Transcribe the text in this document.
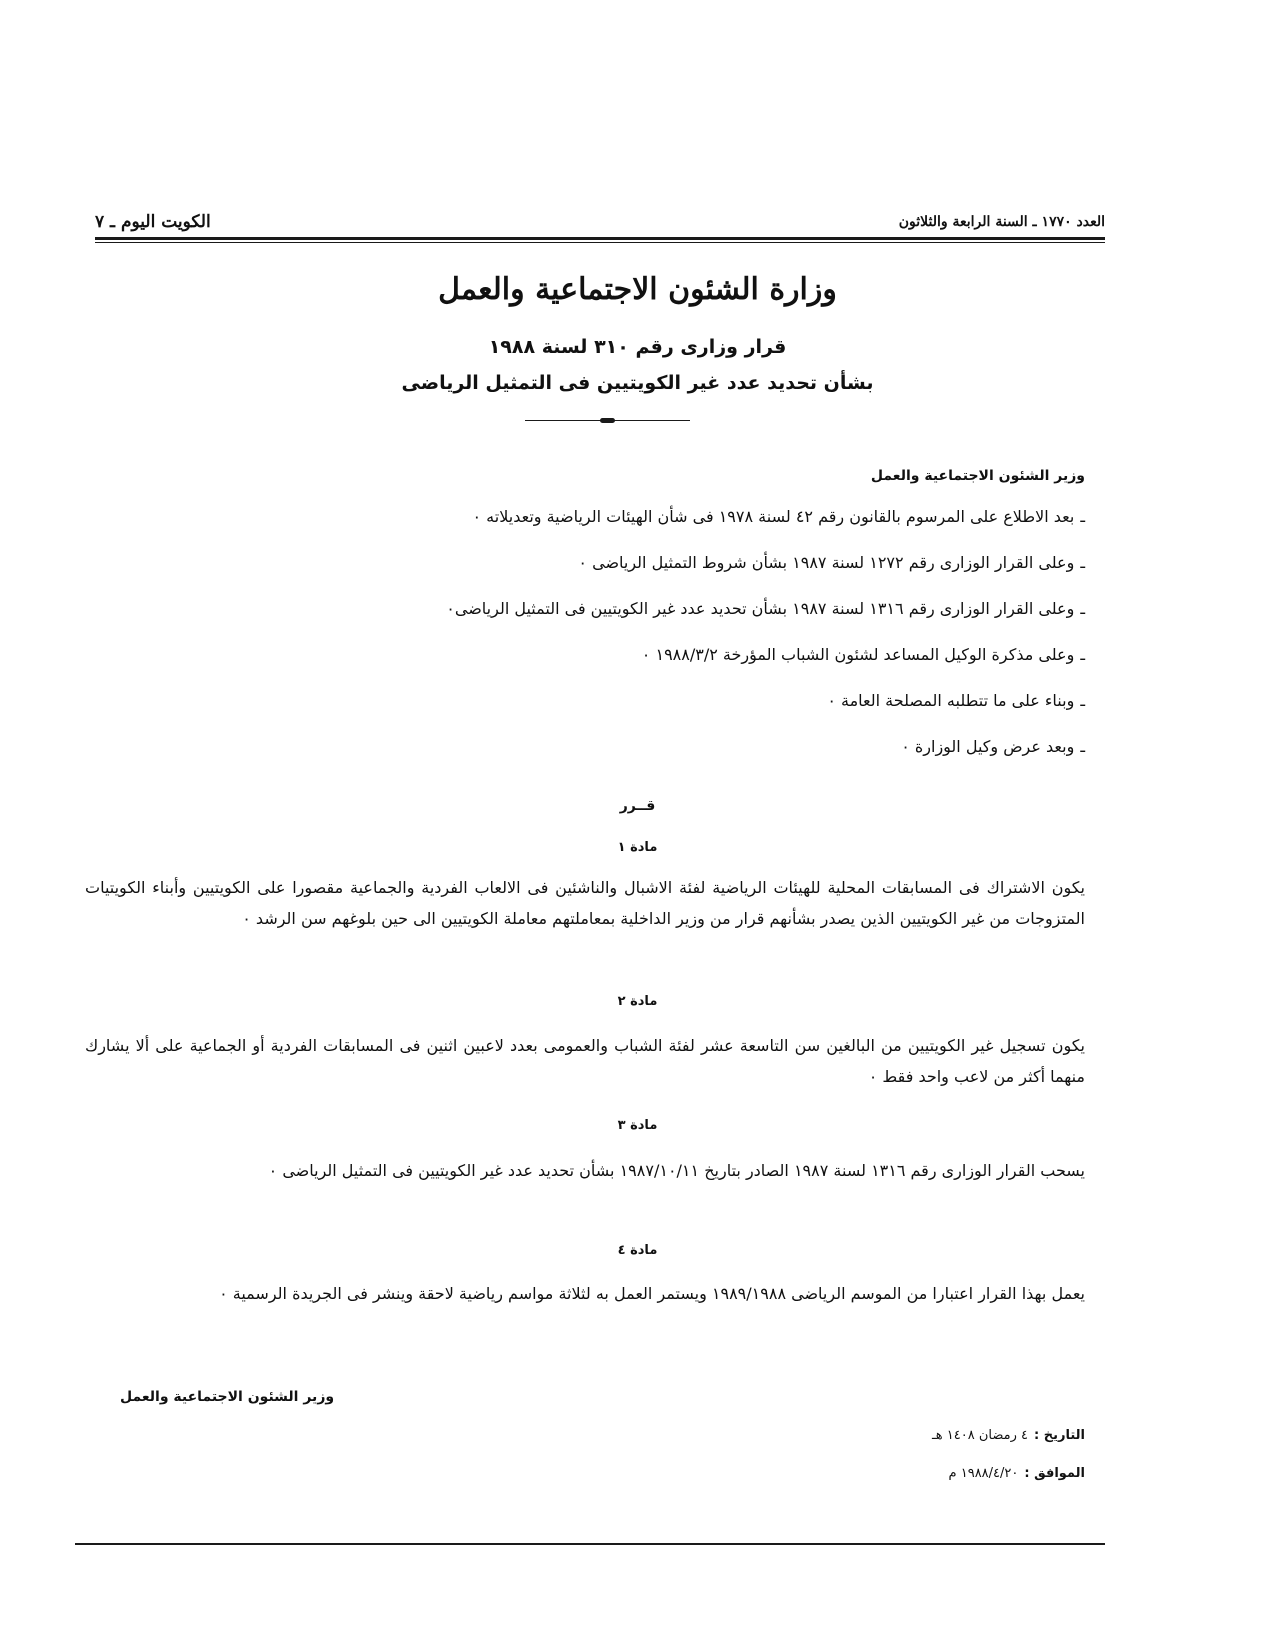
العدد ١٧٧٠ ـ السنة الرابعة والثلاثون
الكويت اليوم ـ ٧
وزارة الشئون الاجتماعية والعمل
قرار وزارى رقم ٣١٠ لسنة ١٩٨٨
بشأن تحديد عدد غير الكويتيين فى التمثيل الرياضى
وزير الشئون الاجتماعية والعمل
ـبعد الاطلاع على المرسوم بالقانون رقم ٤٢ لسنة ١٩٧٨ فى شأن الهيئات الرياضية وتعديلاته ٠
ـوعلى القرار الوزارى رقم ١٢٧٢ لسنة ١٩٨٧ بشأن شروط التمثيل الرياضى ٠
ـوعلى القرار الوزارى رقم ١٣١٦ لسنة ١٩٨٧ بشأن تحديد عدد غير الكويتيين فى التمثيل الرياضى٠
ـوعلى مذكرة الوكيل المساعد لشئون الشباب المؤرخة ١٩٨٨/٣/٢ ٠
ـوبناء على ما تتطلبه المصلحة العامة ٠
ـوبعد عرض وكيل الوزارة ٠
قــرر
مادة ١

يكون الاشتراك فى المسابقات المحلية للهيئات الرياضية لفئة الاشبال والناشئين فى الالعاب الفردية والجماعية مقصورا على الكويتيين وأبناء الكويتيات المتزوجات من غير الكويتيين الذين يصدر بشأنهم قرار من وزير الداخلية بمعاملتهم معاملة الكويتيين الى حين بلوغهم سن الرشد ٠

مادة ٢

يكون تسجيل غير الكويتيين من البالغين سن التاسعة عشر لفئة الشباب والعمومى بعدد لاعبين اثنين فى المسابقات الفردية أو الجماعية على ألا يشارك منهما أكثر من لاعب واحد فقط ٠

مادة ٣

يسحب القرار الوزارى رقم ١٣١٦ لسنة ١٩٨٧ الصادر بتاريخ ١٩٨٧/١٠/١١ بشأن تحديد عدد غير الكويتيين فى التمثيل الرياضى ٠

مادة ٤

يعمل بهذا القرار اعتبارا من الموسم الرياضى ١٩٨٩/١٩٨٨ ويستمر العمل به لثلاثة مواسم رياضية لاحقة وينشر فى الجريدة الرسمية ٠

وزير الشئون الاجتماعية والعمل
التاريخ :٤ رمضان ١٤٠٨ هـ
الموافق :١٩٨٨/٤/٢٠ م
